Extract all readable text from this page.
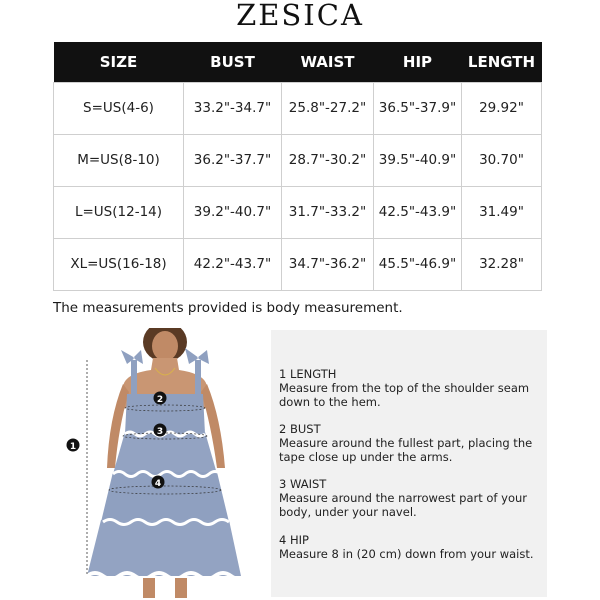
ZESICA
SIZE	BUST	WAIST	HIP	LENGTH
S=US(4-6)	33.2"-34.7"	25.8"-27.2"	36.5"-37.9"	29.92"
M=US(8-10)	36.2"-37.7"	28.7"-30.2"	39.5"-40.9"	30.70"
L=US(12-14)	39.2"-40.7"	31.7"-33.2"	42.5"-43.9"	31.49"
XL=US(16-18)	42.2"-43.7"	34.7"-36.2"	45.5"-46.9"	32.28"
The measurements provided is body measurement.
1
2
3
4
1 LENGTH
Measure from the top of the shoulder seam down to the hem.
2 BUST
Measure around the fullest part, placing the tape close up under the arms.
3 WAIST
Measure around the narrowest part of your body, under your navel.
4 HIP
Measure 8 in (20 cm) down from your waist.
